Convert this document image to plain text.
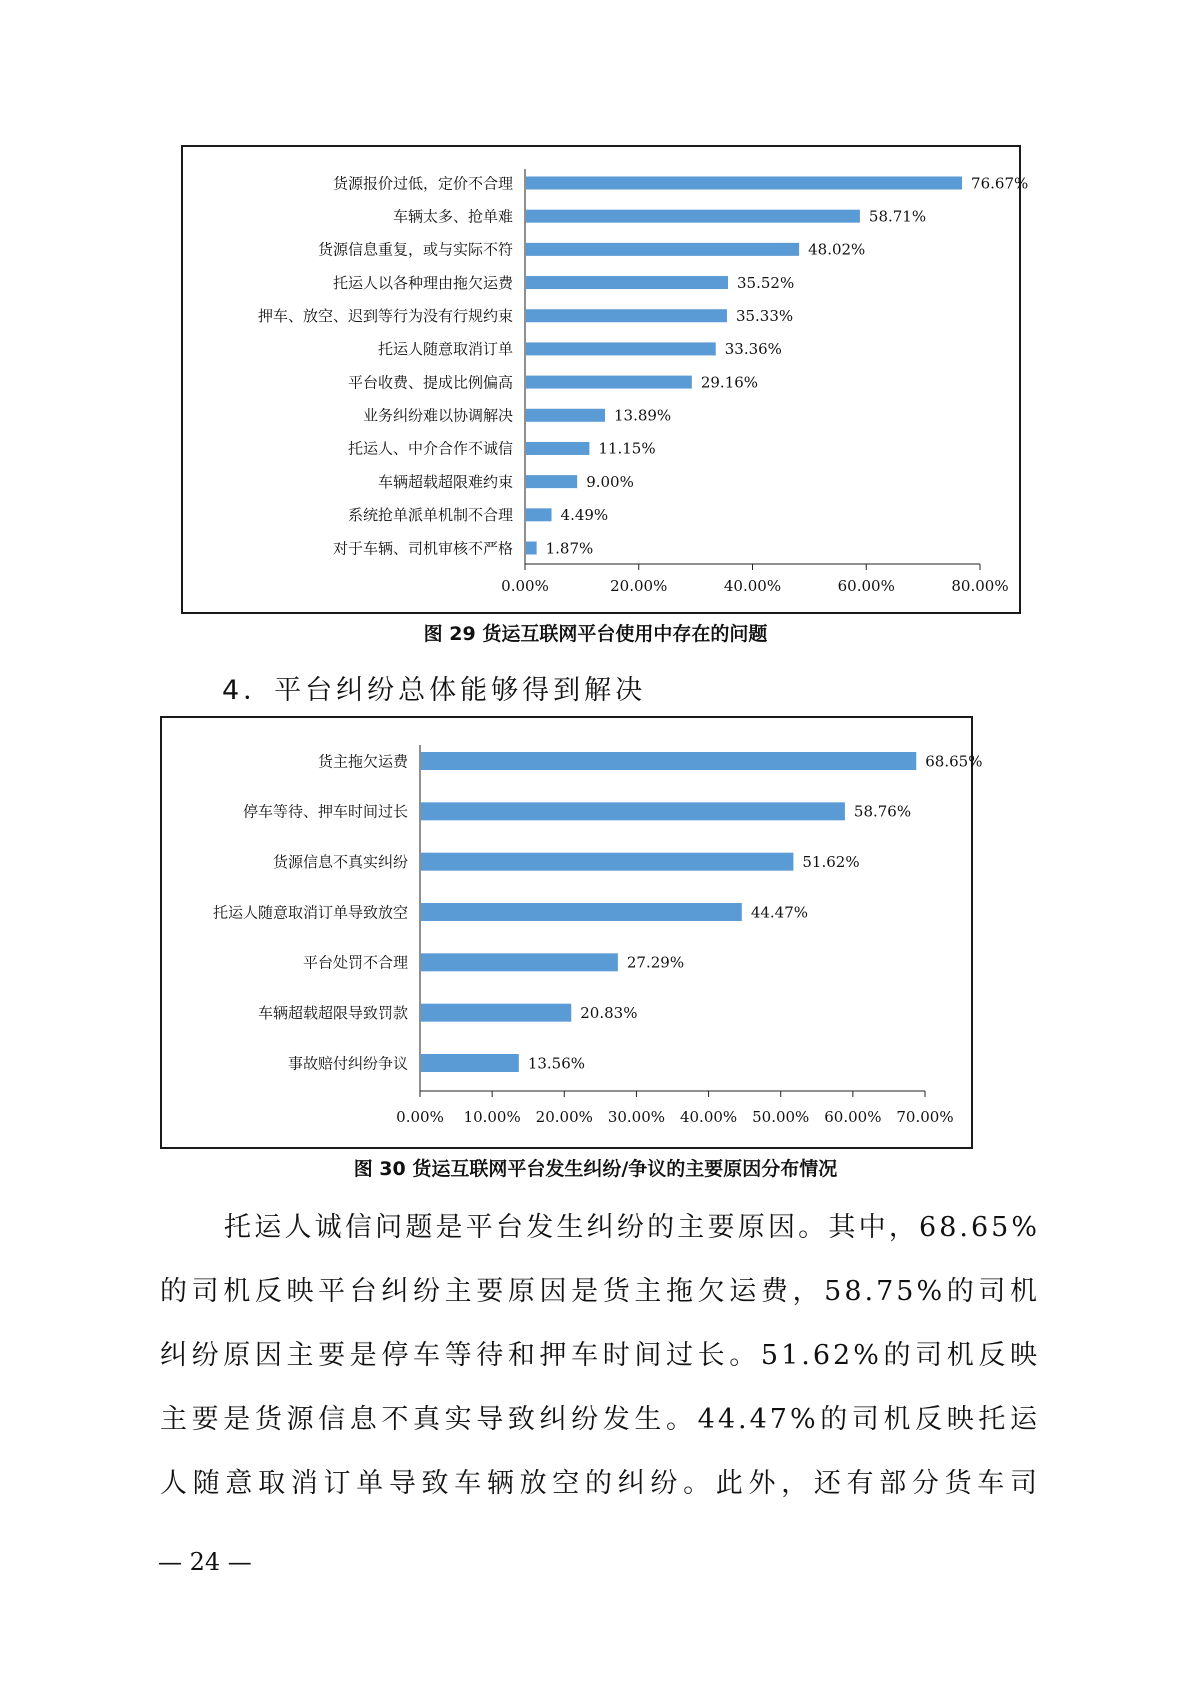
0.00%	20.00%	40.00%	60.00%	80.00%
货源报价过低，定价不合理	76.67%
车辆太多、抢单难	58.71%
货源信息重复，或与实际不符	48.02%
托运人以各种理由拖欠运费	35.52%
押车、放空、迟到等行为没有行规约束	35.33%
托运人随意取消订单	33.36%
平台收费、提成比例偏高	29.16%
业务纠纷难以协调解决	13.89%
托运人、中介合作不诚信	11.15%
车辆超载超限难约束	9.00%
系统抢单派单机制不合理	4.49%
对于车辆、司机审核不严格 1.87%
图 29 货运互联网平台使用中存在的问题
4．平台纠纷总体能够得到解决
0.00% 10.00% 20.00% 30.00% 40.00% 50.00% 60.00% 70.00%
货主拖欠运费	68.65%
停车等待、押车时间过长	58.76%
货源信息不真实纠纷	51.62%
托运人随意取消订单导致放空	44.47%
平台处罚不合理	27.29%
车辆超载超限导致罚款	20.83%
事故赔付纠纷争议	13.56%
图 30 货运互联网平台发生纠纷/争议的主要原因分布情况
托运人诚信问题是平台发生纠纷的主要原因。其中，68.65%
的司机反映平台纠纷主要原因是货主拖欠运费，58.75%的司机
纠纷原因主要是停车等待和押车时间过长。51.62%的司机反映
主要是货源信息不真实导致纠纷发生。44.47%的司机反映托运
人随意取消订单导致车辆放空的纠纷。此外，还有部分货车司
— 24 —
